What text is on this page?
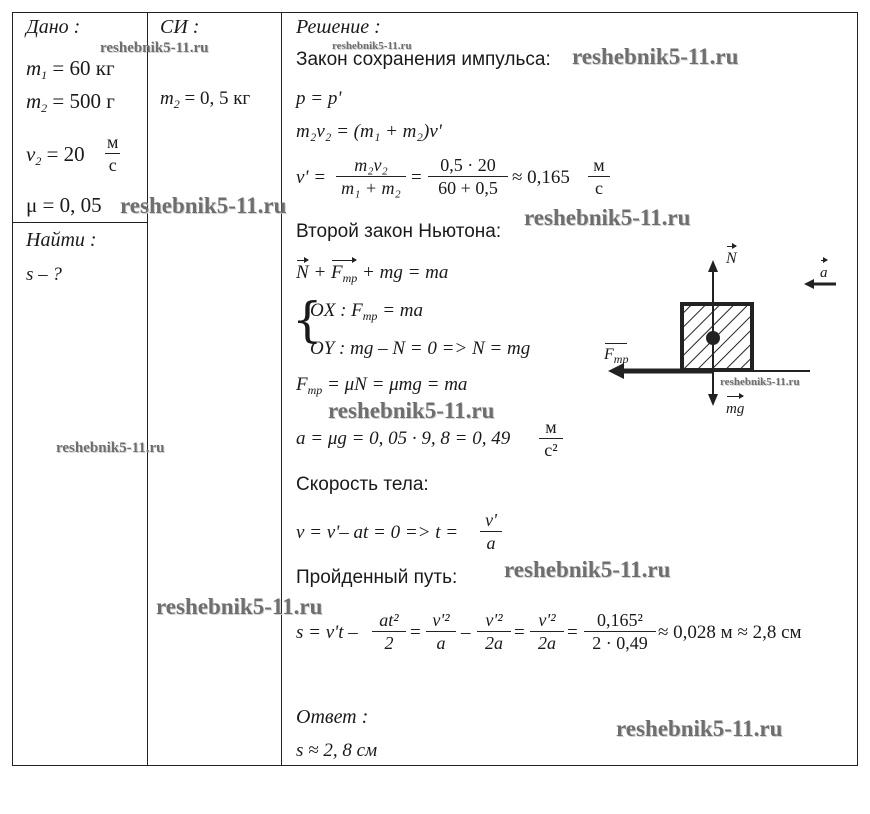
Дано :
$m_1 = 60$ кг
$m_2 = 500$ г
$v_2 = 20$ м
с
μ = 0, 05
Найти :
s – ?
СИ :
$m_2 = 0$, 5 кг
Решение :
Закон сохранения импульса:
p = p'
m₂v₂ = (m₁ + m₂)v'
$v' = \frac{\text{m₂v₂}}{\text{m₁ + m₂}} = \frac{0,5 \cdot 20}{60 + 0,5} \approx 0,165$
м
с
Второй закон Ньютона:
$N + F_{тр}$ + mg = ma
{
OX : $F_{тр}$ = ma
OY : mg – N = 0 => N = mg
$F_{тр} = \mu N = \mu mg$ = ma
a = μg = 0, 05 · 9, 8 = 0, 49
м
с²
Скорость тела:
v = v'– at = $0 => t = \frac{v'}{a}$
Пройденный путь:
$s = v't - \frac{\text{at²}}{2} = \frac{\text{v'²}}{a} - \frac{\text{v'²}}{2a} = \frac{\text{v'²}}{2a} = \frac{\text{0,165²}}{2 \cdot 0,49} \approx 0,028$ м ≈ 2,8 см
Ответ :
s ≈ 2, 8 см
N
a
$F_{тр}$
mg
reshebnik5-11.ru	reshebnik5-11.ru	reshebnik5-11.ru
reshebnik5-11.ru	reshebnik5-11.ru
reshebnik5-11.ru
reshebnik5-11.ru
reshebnik5-11.ru
reshebnik5-11.ru
reshebnik5-11.ru
reshebnik5-11.ru
